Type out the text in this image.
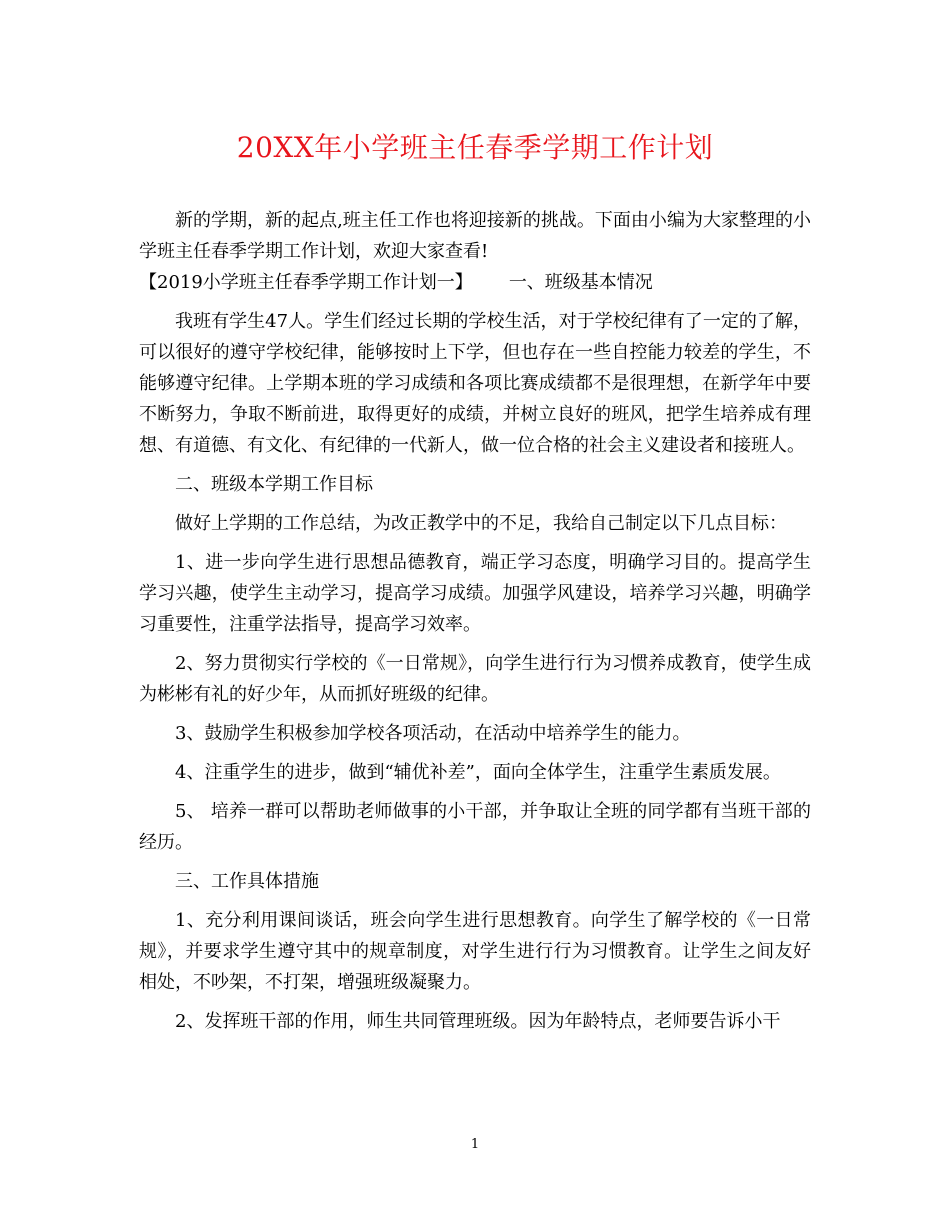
20XX年小学班主任春季学期工作计划

新的学期，新的起点,班主任工作也将迎接新的挑战。下面由小编为大家整理的小学班主任春季学期工作计划，欢迎大家查看!

【2019小学班主任春季学期工作计划一】 一、班级基本情况

我班有学生47人。学生们经过长期的学校生活，对于学校纪律有了一定的了解，可以很好的遵守学校纪律，能够按时上下学，但也存在一些自控能力较差的学生，不能够遵守纪律。上学期本班的学习成绩和各项比赛成绩都不是很理想，在新学年中要不断努力，争取不断前进，取得更好的成绩，并树立良好的班风，把学生培养成有理想、有道德、有文化、有纪律的一代新人，做一位合格的社会主义建设者和接班人。

二、班级本学期工作目标

做好上学期的工作总结，为改正教学中的不足，我给自己制定以下几点目标：

1、进一步向学生进行思想品德教育，端正学习态度，明确学习目的。提高学生学习兴趣，使学生主动学习，提高学习成绩。加强学风建设，培养学习兴趣，明确学习重要性，注重学法指导，提高学习效率。

2、努力贯彻实行学校的《一日常规》，向学生进行行为习惯养成教育，使学生成为彬彬有礼的好少年，从而抓好班级的纪律。

3、鼓励学生积极参加学校各项活动，在活动中培养学生的能力。

4、注重学生的进步，做到“辅优补差”，面向全体学生，注重学生素质发展。

5、 培养一群可以帮助老师做事的小干部，并争取让全班的同学都有当班干部的经历。

三、工作具体措施

1、充分利用课间谈话，班会向学生进行思想教育。向学生了解学校的《一日常规》，并要求学生遵守其中的规章制度，对学生进行行为习惯教育。让学生之间友好相处，不吵架，不打架，增强班级凝聚力。

2、发挥班干部的作用，师生共同管理班级。因为年龄特点，老师要告诉小干

1
